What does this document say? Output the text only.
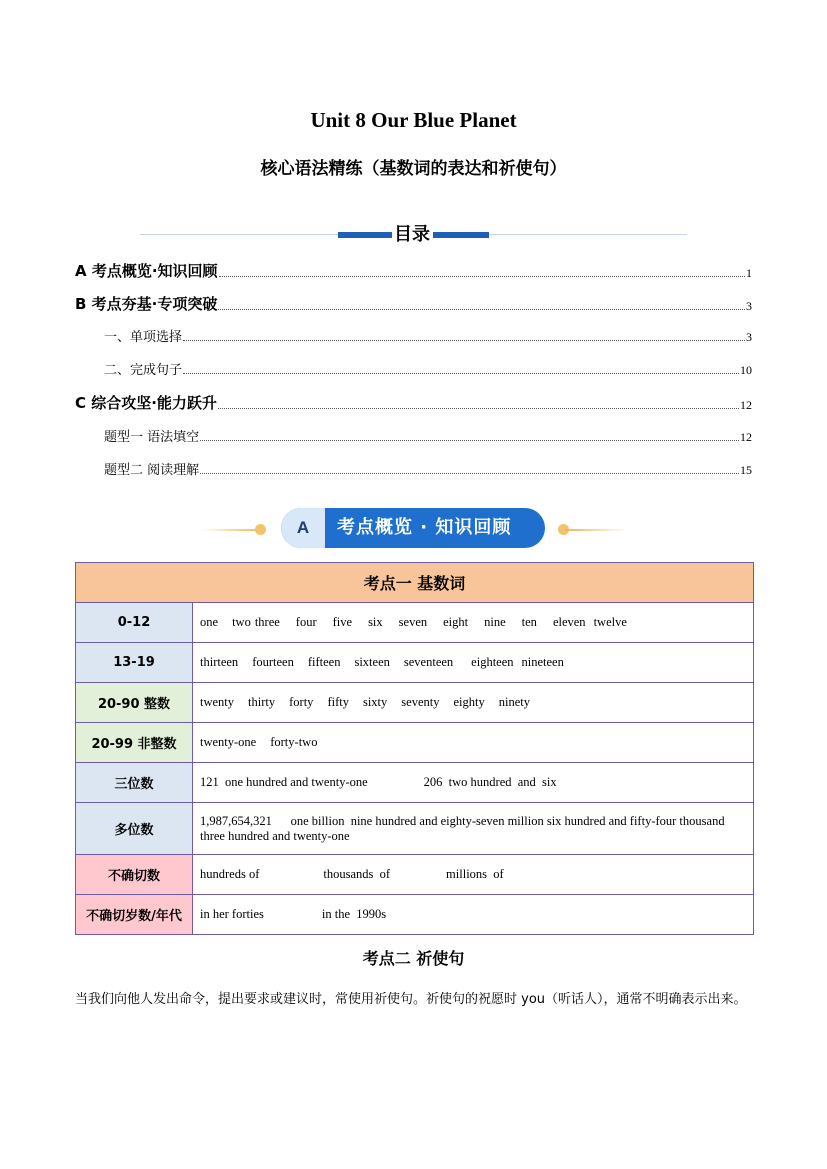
Unit 8 Our Blue Planet
核心语法精练（基数词的表达和祈使句）
目录
A 考点概览·知识回顾	1
B 考点夯基·专项突破	3
一、单项选择	3
二、完成句子	10
C 综合攻坚·能力跃升	12
题型一 语法填空	12
题型二 阅读理解	15
A	考点概览 · 知识回顾
考点一 基数词	
0-12	one two three four five six seven eight nine ten eleven twelve
13-19	thirteen fourteen fifteen sixteen seventeen eighteen nineteen
20-90 整数	twenty thirty forty fifty sixty seventy eighty ninety
20-99 非整数	twenty-one forty-two
三位数	121  one hundred and twenty-one 206  two hundred  and  six
多位数	1,987,654,321      one billion  nine hundred and eighty-seven million six hundred and fifty-four thousand three hundred and twenty-one
不确切数	hundreds of thousands  of millions  of
不确切岁数/年代	in her forties in the  1990s
考点二 祈使句
当我们向他人发出命令，提出要求或建议时，常使用祈使句。祈使句的祝愿时 you（听话人），通常不明确表示出来。
